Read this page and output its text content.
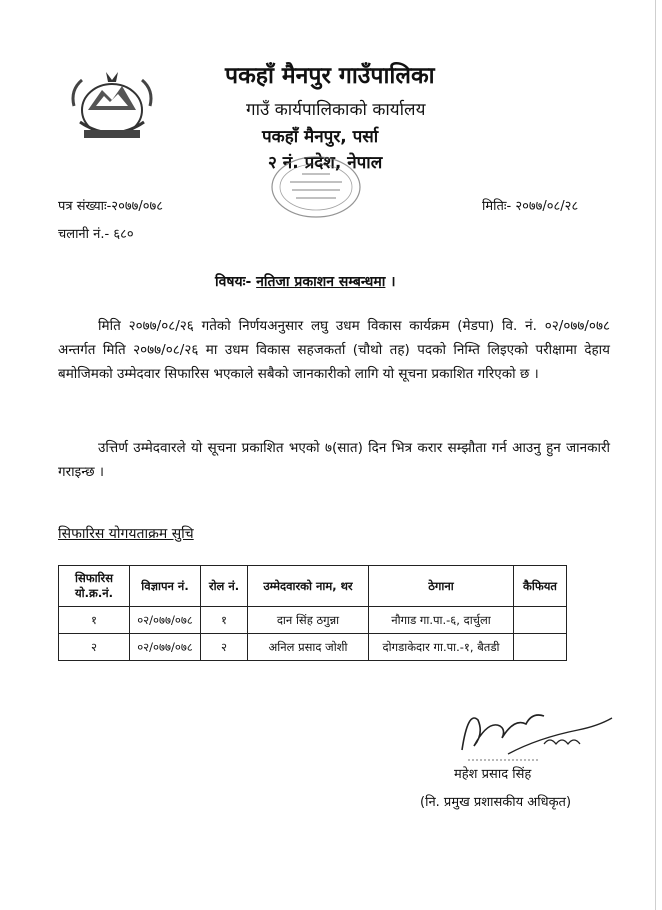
पकहाँ मैनपुर गाउँपालिका
गाउँ कार्यपालिकाको कार्यालय
पकहाँ मैनपुर, पर्सा
२ नं. प्रदेश, नेपाल
पत्र संख्याः-२०७७/०७८	मितिः- २०७७/०८/२८
चलानी नं.- ६८०
विषयः- नतिजा प्रकाशन सम्बन्धमा ।

मिति २०७७/०८/२६ गतेको निर्णयअनुसार लघु उधम विकास कार्यक्रम (मेडपा) वि. नं. ०२/०७७/०७८ अन्तर्गत मिति २०७७/०८/२६ मा उधम विकास सहजकर्ता (चौथो तह) पदको निम्ति लिइएको परीक्षामा देहाय बमोजिमको उम्मेदवार सिफारिस भएकाले सबैको जानकारीको लागि यो सूचना प्रकाशित गरिएको छ ।

उत्तिर्ण उम्मेदवारले यो सूचना प्रकाशित भएको ७(सात) दिन भित्र करार सम्झौता गर्न आउनु हुन जानकारी गराइन्छ ।

सिफारिस योगयताक्रम सुचि
सिफारिस यो.क्र.नं.	विज्ञापन नं.	रोल नं.	उम्मेदवारको नाम, थर	ठेगाना	कैफियत
१	०२/०७७/०७८	१	दान सिंह ठगुन्ना	नौगाड गा.पा.-६, दार्चुला	
२	०२/०७७/०७८	२	अनिल प्रसाद जोशी	दोगडाकेदार गा.पा.-१, बैतडी	
महेश प्रसाद सिंह
(नि. प्रमुख प्रशासकीय अधिकृत)
